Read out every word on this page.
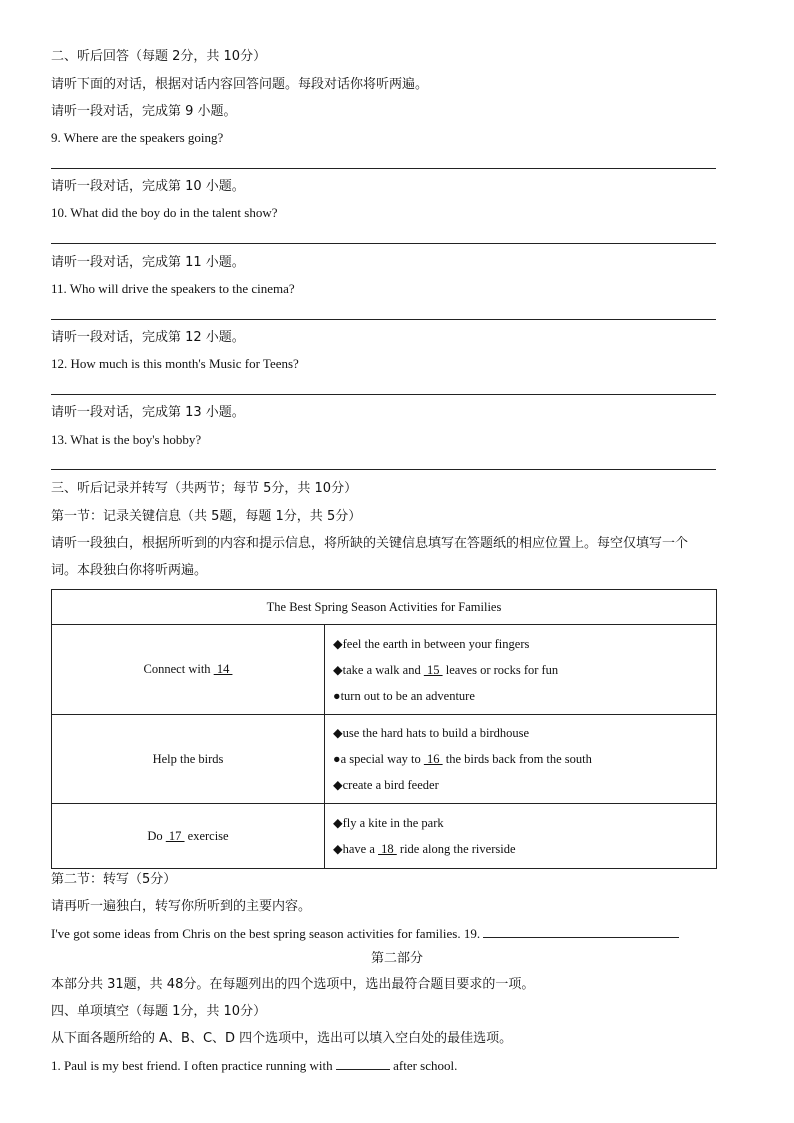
二、听后回答（每题 2分，共 10分）
请听下面的对话，根据对话内容回答问题。每段对话你将听两遍。
请听一段对话，完成第 9 小题。
9. Where are the speakers going?
请听一段对话，完成第 10 小题。
10. What did the boy do in the talent show?
请听一段对话，完成第 11 小题。
11. Who will drive the speakers to the cinema?
请听一段对话，完成第 12 小题。
12. How much is this month's Music for Teens?
请听一段对话，完成第 13 小题。
13. What is the boy's hobby?
三、听后记录并转写（共两节；每节 5分，共 10分）
第一节：记录关键信息（共 5题，每题 1分，共 5分）
请听一段独白，根据所听到的内容和提示信息，将所缺的关键信息填写在答题纸的相应位置上。每空仅填写一个
词。本段独白你将听两遍。
The Best Spring Season Activities for Families	
Connect with  14	◆feel the earth in between your fingers
◆take a walk and  15  leaves or rocks for fun
●turn out to be an adventure

Help the birds	◆use the hard hats to build a birdhouse
●a special way to  16  the birds back from the south
◆create a bird feeder

Do  17  exercise	◆fly a kite in the park
◆have a  18  ride along the riverside
第二节：转写（5分）
请再听一遍独白，转写你所听到的主要内容。
I've got some ideas from Chris on the best spring season activities for families. 19.
第二部分
本部分共 31题，共 48分。在每题列出的四个选项中，选出最符合题目要求的一项。
四、单项填空（每题 1分，共 10分）
从下面各题所给的 A、B、C、D 四个选项中，选出可以填入空白处的最佳选项。
1. Paul is my best friend. I often practice running with	after school.
